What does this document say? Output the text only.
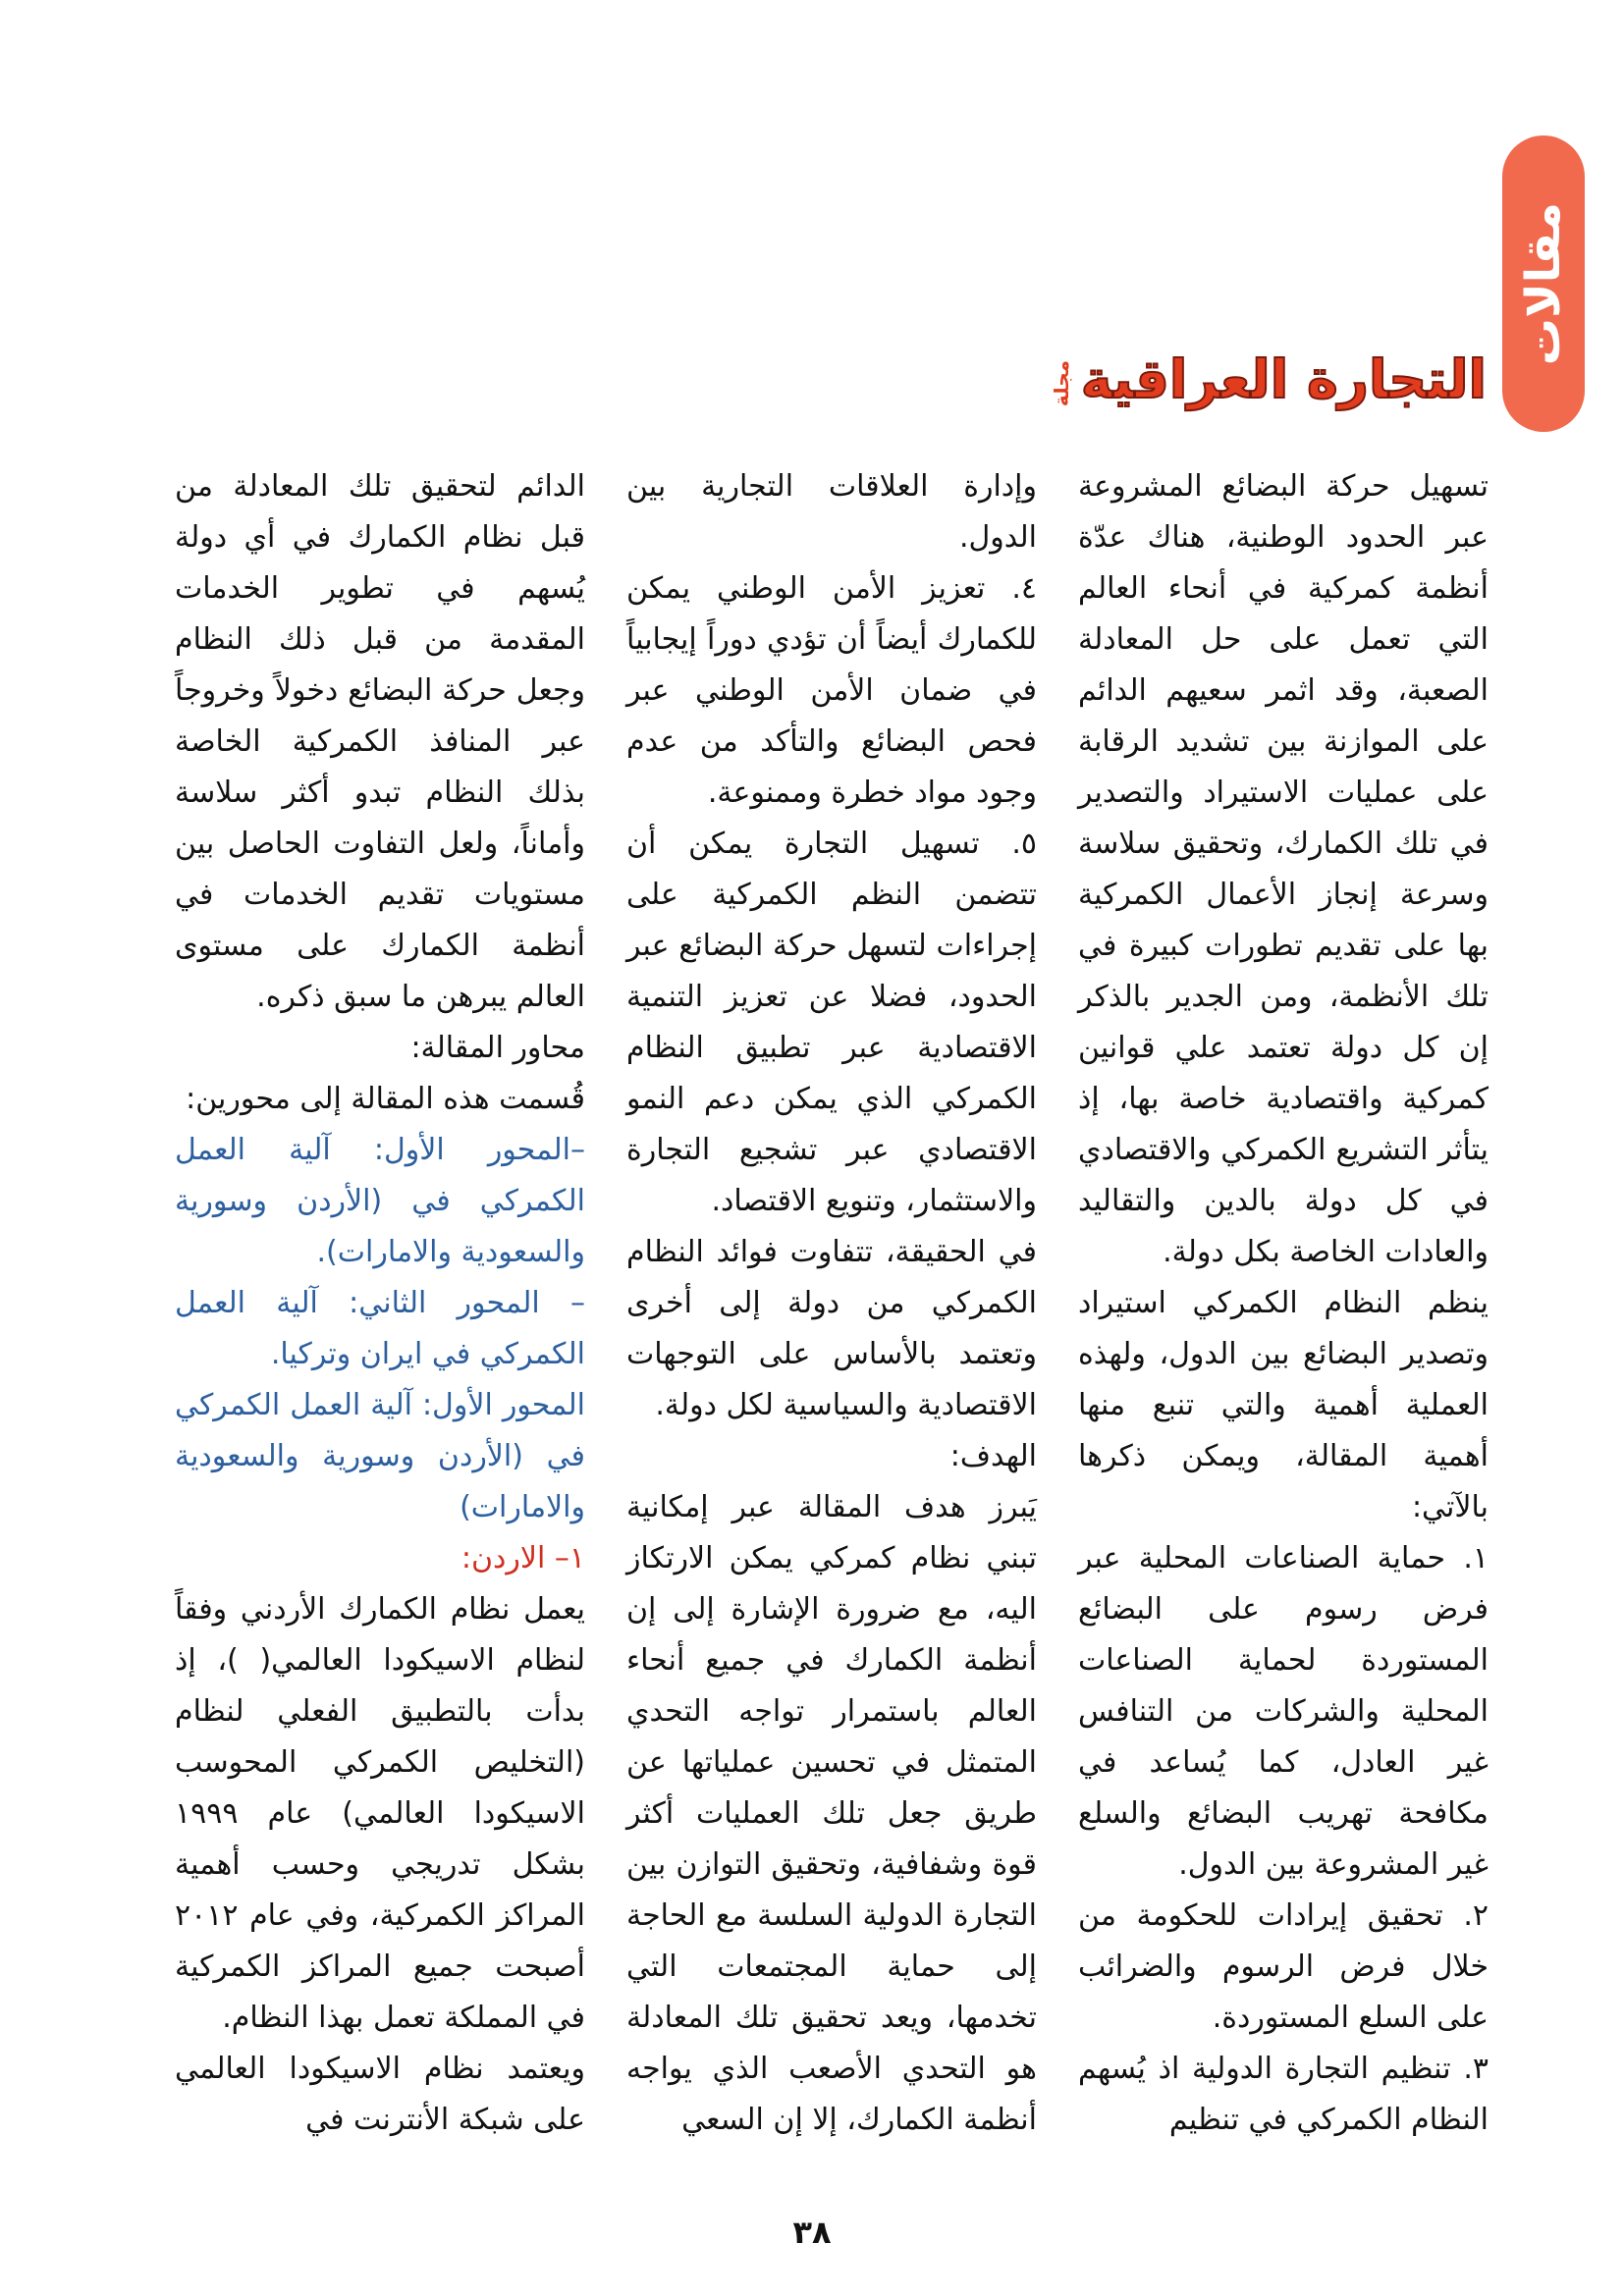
مقالات
التجارة العراقية
مجلة

تسهيل حركة البضائع المشروعة عبر الحدود الوطنية، هناك عدّة أنظمة كمركية في أنحاء العالم التي تعمل على حل المعادلة الصعبة، وقد اثمر سعيهم الدائم على الموازنة بين تشديد الرقابة على عمليات الاستيراد والتصدير في تلك الكمارك، وتحقيق سلاسة وسرعة إنجاز الأعمال الكمركية بها على تقديم تطورات كبيرة في تلك الأنظمة، ومن الجدير بالذكر إن كل دولة تعتمد علي قوانين كمركية واقتصادية خاصة بها، إذ يتأثر التشريع الكمركي والاقتصادي في كل دولة بالدين والتقاليد والعادات الخاصة بكل دولة.

ينظم النظام الكمركي استيراد وتصدير البضائع بين الدول، ولهذه العملية أهمية والتي تنبع منها أهمية المقالة، ويمكن ذكرها بالآتي:

١. حماية الصناعات المحلية عبر فرض رسوم على البضائع المستوردة لحماية الصناعات المحلية والشركات من التنافس غير العادل، كما يُساعد في مكافحة تهريب البضائع والسلع غير المشروعة بين الدول.

٢. تحقيق إيرادات للحكومة من خلال فرض الرسوم والضرائب على السلع المستوردة.

٣. تنظيم التجارة الدولية اذ يُسهم النظام الكمركي في تنظيم

وإدارة العلاقات التجارية بين الدول.

٤. تعزيز الأمن الوطني يمكن للكمارك أيضاً أن تؤدي دوراً إيجابياً في ضمان الأمن الوطني عبر فحص البضائع والتأكد من عدم وجود مواد خطرة وممنوعة.

٥. تسهيل التجارة يمكن أن تتضمن النظم الكمركية على إجراءات لتسهل حركة البضائع عبر الحدود، فضلا عن تعزيز التنمية الاقتصادية عبر تطبيق النظام الكمركي الذي يمكن دعم النمو الاقتصادي عبر تشجيع التجارة والاستثمار، وتنويع الاقتصاد.

في الحقيقة، تتفاوت فوائد النظام الكمركي من دولة إلى أخرى وتعتمد بالأساس على التوجهات الاقتصادية والسياسية لكل دولة.

الهدف:

يَبرز هدف المقالة عبر إمكانية تبني نظام كمركي يمكن الارتكاز اليه، مع ضرورة الإشارة إلى إن أنظمة الكمارك في جميع أنحاء العالم باستمرار تواجه التحدي المتمثل في تحسين عملياتها عن طريق جعل تلك العمليات أكثر قوة وشفافية، وتحقيق التوازن بين التجارة الدولية السلسة مع الحاجة إلى حماية المجتمعات التي تخدمها، ويعد تحقيق تلك المعادلة هو التحدي الأصعب الذي يواجه أنظمة الكمارك، إلا إن السعي

الدائم لتحقيق تلك المعادلة من قبل نظام الكمارك في أي دولة يُسهم في تطوير الخدمات المقدمة من قبل ذلك النظام وجعل حركة البضائع دخولاً وخروجاً عبر المنافذ الكمركية الخاصة بذلك النظام تبدو أكثر سلاسة وأماناً، ولعل التفاوت الحاصل بين مستويات تقديم الخدمات في أنظمة الكمارك على مستوى العالم يبرهن ما سبق ذكره.

محاور المقالة:

قُسمت هذه المقالة إلى محورين:

–المحور الأول: آلية العمل الكمركي في (الأردن وسورية والسعودية والامارات).

– المحور الثاني: آلية العمل الكمركي في ايران وتركيا.

المحور الأول: آلية العمل الكمركي في (الأردن وسورية والسعودية والامارات)

١– الاردن:

يعمل نظام الكمارك الأردني وفقاً لنظام الاسيكودا العالمي( )، إذ بدأت بالتطبيق الفعلي لنظام (التخليص الكمركي المحوسب الاسيكودا العالمي) عام ١٩٩٩ بشكل تدريجي وحسب أهمية المراكز الكمركية، وفي عام ٢٠١٢ أصبحت جميع المراكز الكمركية في المملكة تعمل بهذا النظام.

ويعتمد نظام الاسيكودا العالمي على شبكة الأنترنت في

٣٨
